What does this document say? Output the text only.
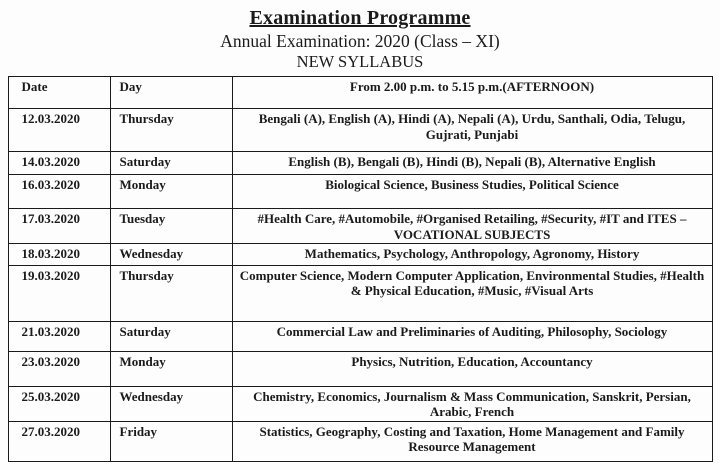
Examination Programme
Annual Examination: 2020 (Class – XI)
NEW SYLLABUS
Date	Day	From 2.00 p.m. to 5.15 p.m.(AFTERNOON)
12.03.2020	Thursday	Bengali (A), English (A), Hindi (A), Nepali (A), Urdu, Santhali, Odia, Telugu, Gujrati, Punjabi
14.03.2020	Saturday	English (B), Bengali (B), Hindi (B), Nepali (B), Alternative English
16.03.2020	Monday	Biological Science, Business Studies, Political Science
17.03.2020	Tuesday	#Health Care, #Automobile, #Organised Retailing, #Security, #IT and ITES –VOCATIONAL SUBJECTS
18.03.2020	Wednesday	Mathematics, Psychology, Anthropology, Agronomy, History
19.03.2020	Thursday	Computer Science, Modern Computer Application, Environmental Studies, #Health & Physical Education, #Music, #Visual Arts
21.03.2020	Saturday	Commercial Law and Preliminaries of Auditing, Philosophy, Sociology
23.03.2020	Monday	Physics, Nutrition, Education, Accountancy
25.03.2020	Wednesday	Chemistry, Economics, Journalism & Mass Communication, Sanskrit, Persian, Arabic, French
27.03.2020	Friday	Statistics, Geography, Costing and Taxation, Home Management and Family Resource Management
